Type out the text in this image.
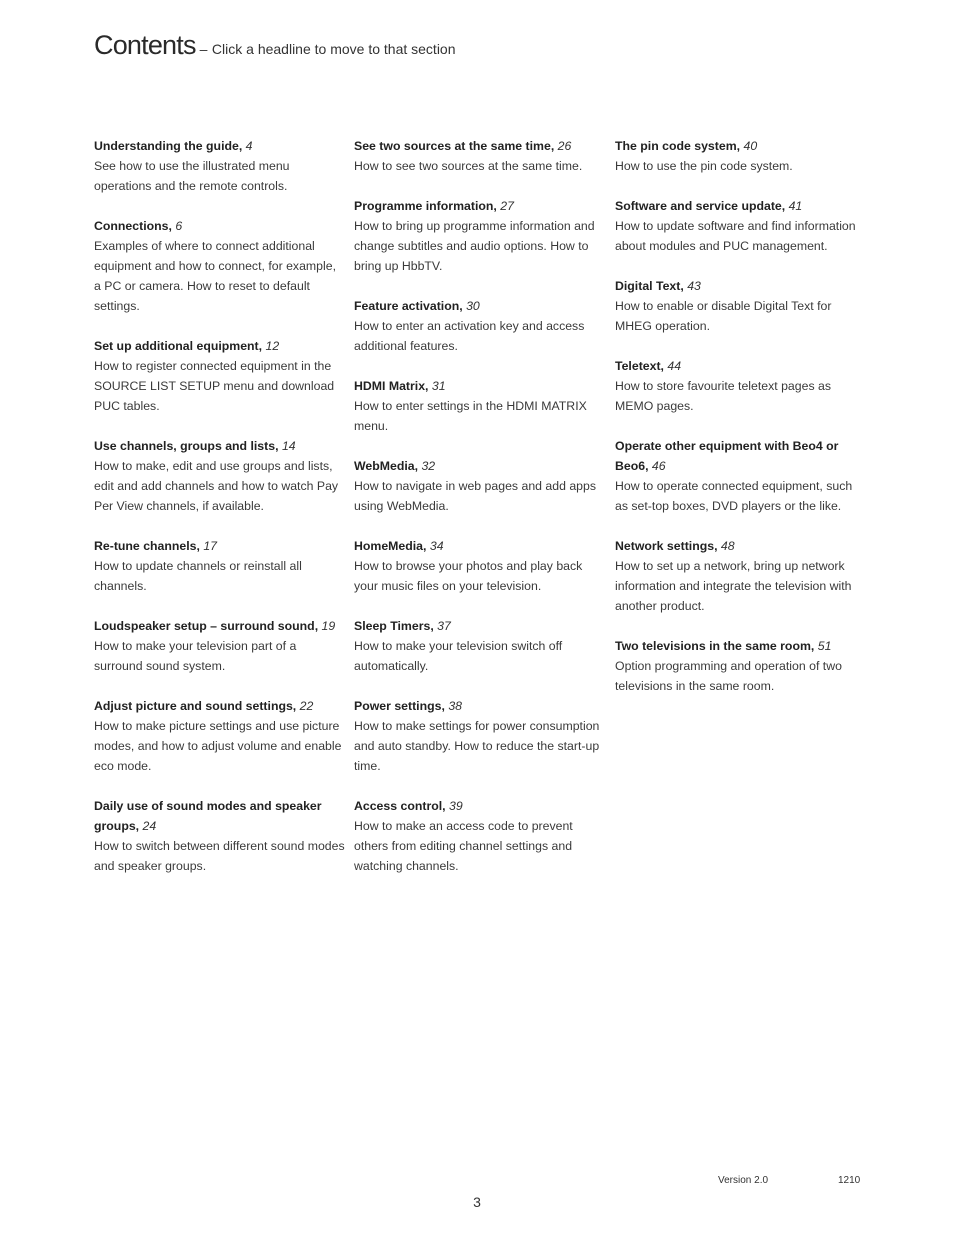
Contents – Click a headline to move to that section
Understanding the guide, 4
See how to use the illustrated menu operations and the remote controls.
Connections, 6
Examples of where to connect additional equipment and how to connect, for example, a PC or camera. How to reset to default settings.
Set up additional equipment, 12
How to register connected equipment in the SOURCE LIST SETUP menu and download PUC tables.
Use channels, groups and lists, 14
How to make, edit and use groups and lists, edit and add channels and how to watch Pay Per View channels, if available.
Re-tune channels, 17
How to update channels or reinstall all channels.
Loudspeaker setup – surround sound, 19
How to make your television part of a surround sound system.
Adjust picture and sound settings, 22
How to make picture settings and use picture modes, and how to adjust volume and enable eco mode.
Daily use of sound modes and speaker groups, 24
How to switch between different sound modes and speaker groups.
See two sources at the same time, 26
How to see two sources at the same time.
Programme information, 27
How to bring up programme information and change subtitles and audio options. How to bring up HbbTV.
Feature activation, 30
How to enter an activation key and access additional features.
HDMI Matrix, 31
How to enter settings in the HDMI MATRIX menu.
WebMedia, 32
How to navigate in web pages and add apps using WebMedia.
HomeMedia, 34
How to browse your photos and play back your music files on your television.
Sleep Timers, 37
How to make your television switch off automatically.
Power settings, 38
How to make settings for power consumption and auto standby. How to reduce the start-up time.
Access control, 39
How to make an access code to prevent others from editing channel settings and watching channels.
The pin code system, 40
How to use the pin code system.
Software and service update, 41
How to update software and find information about modules and PUC management.
Digital Text, 43
How to enable or disable Digital Text for MHEG operation.
Teletext, 44
How to store favourite teletext pages as MEMO pages.
Operate other equipment with Beo4 or Beo6, 46
How to operate connected equipment, such as set-top boxes, DVD players or the like.
Network settings, 48
How to set up a network, bring up network information and integrate the television with another product.
Two televisions in the same room, 51
Option programming and operation of two televisions in the same room.
Version 2.0	1210
3
